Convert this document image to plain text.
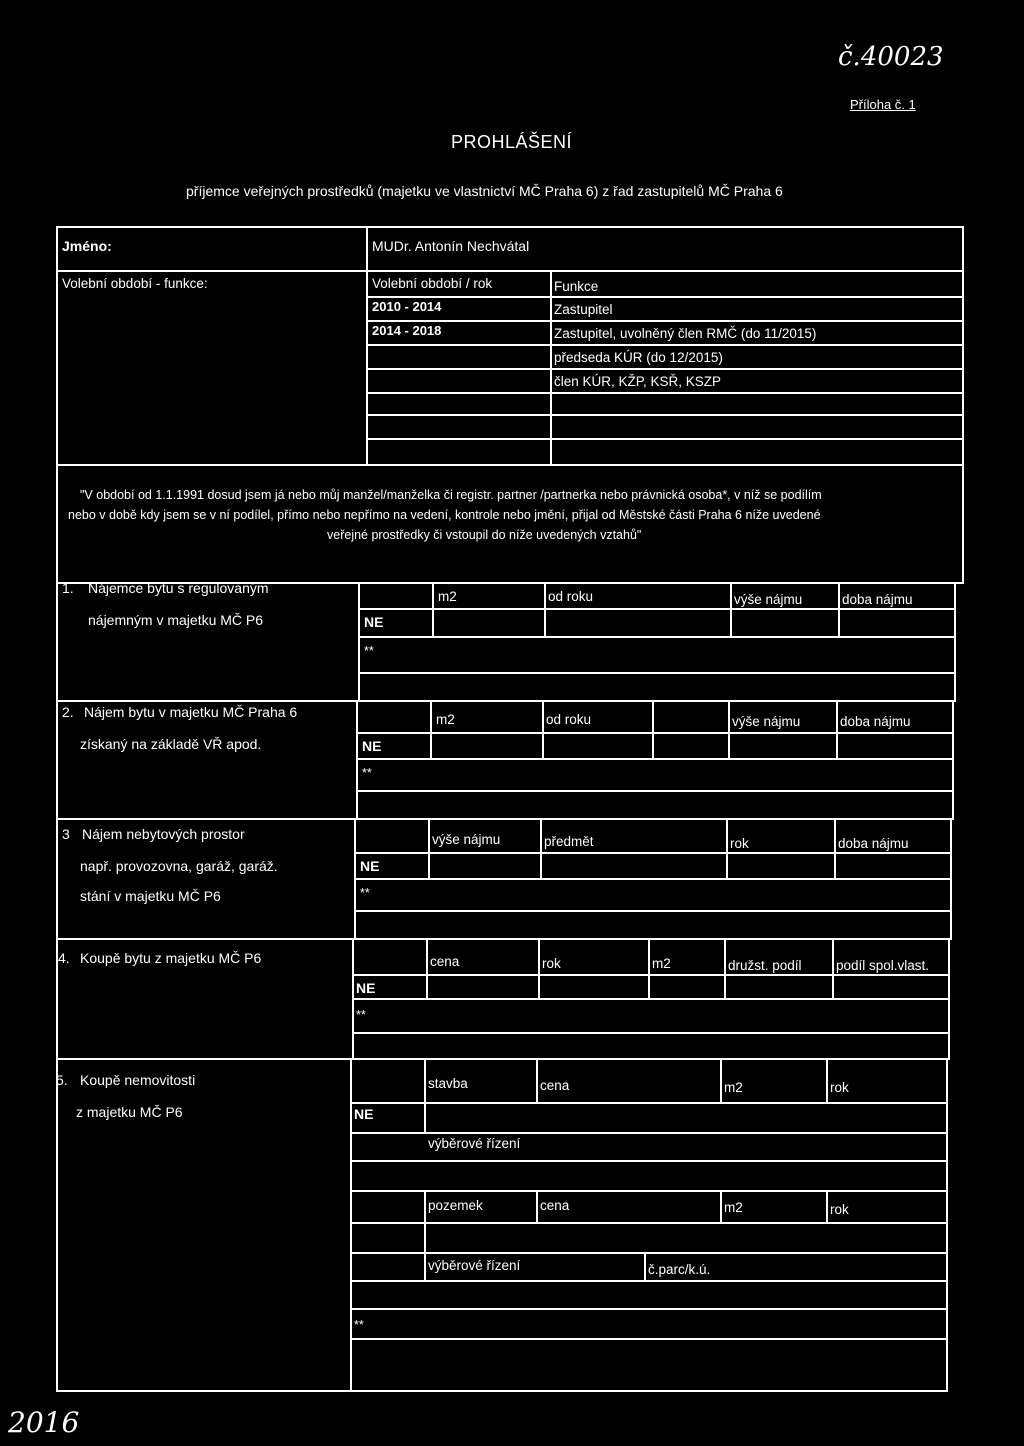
č.40023
Příloha č. 1
PROHLÁŠENÍ
příjemce veřejných prostředků (majetku ve vlastnictví MČ Praha 6) z řad zastupitelů MČ Praha 6
Jméno:	MUDr. Antonín Nechvátal
Volební období - funkce:	Volební období / rok	Funkce
2010 - 2014	Zastupitel
2014 - 2018	Zastupitel, uvolněný člen RMČ (do 11/2015)
předseda KÚR (do 12/2015)
člen KÚR, KŽP, KSŘ, KSZP
"V období od 1.1.1991 dosud jsem já nebo můj manžel/manželka či registr. partner /partnerka nebo právnická osoba*, v níž se podílím
nebo v době kdy jsem se v ní podílel, přímo nebo nepřímo na vedení, kontrole nebo jmění, přijal od Městské části Praha 6 níže uvedené
veřejné prostředky či vstoupil do níže uvedených vztahů"
1. Nájemce bytu s regulovaným
nájemným v majetku MČ P6
m2	od roku	výše nájmu	doba nájmu
NE
**
2. Nájem bytu v majetku MČ Praha 6
získaný na základě VŘ apod.
m2	od roku	výše nájmu	doba nájmu
NE
**
3 Nájem nebytových prostor
např. provozovna, garáž, garáž.
stání v majetku MČ P6
výše nájmu	předmět	rok	doba nájmu
NE
**
4. Koupě bytu z majetku MČ P6	cena	rok	m2	družst. podíl	podíl spol.vlast.
NE
**
5. Koupě nemovitosti
z majetku MČ P6
stavba	cena	m2	rok
NE
výběrové řízení
pozemek	cena	m2	rok
výběrové řízení	č.parc/k.ú.
**
2016
